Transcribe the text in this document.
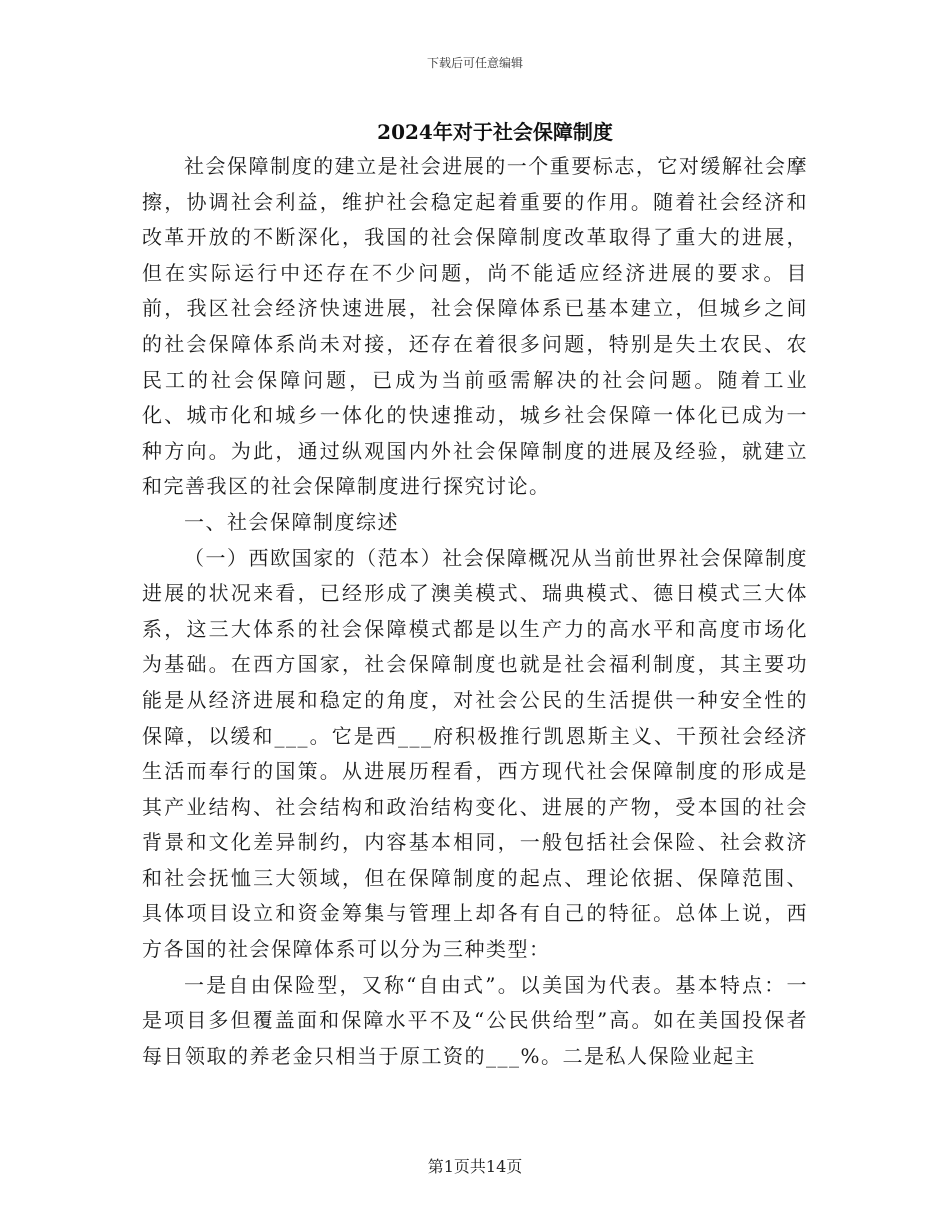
下载后可任意编辑
2024年对于社会保障制度

社会保障制度的建立是社会进展的一个重要标志，它对缓解社会摩擦，协调社会利益，维护社会稳定起着重要的作用。随着社会经济和改革开放的不断深化，我国的社会保障制度改革取得了重大的进展，但在实际运行中还存在不少问题，尚不能适应经济进展的要求。目前，我区社会经济快速进展，社会保障体系已基本建立，但城乡之间的社会保障体系尚未对接，还存在着很多问题，特别是失土农民、农民工的社会保障问题，已成为当前亟需解决的社会问题。随着工业化、城市化和城乡一体化的快速推动，城乡社会保障一体化已成为一种方向。为此，通过纵观国内外社会保障制度的进展及经验，就建立和完善我区的社会保障制度进行探究讨论。

一、社会保障制度综述

（一）西欧国家的（范本）社会保障概况从当前世界社会保障制度进展的状况来看，已经形成了澳美模式、瑞典模式、德日模式三大体系，这三大体系的社会保障模式都是以生产力的高水平和高度市场化为基础。在西方国家，社会保障制度也就是社会福利制度，其主要功能是从经济进展和稳定的角度，对社会公民的生活提供一种安全性的保障，以缓和___。它是西___府积极推行凯恩斯主义、干预社会经济生活而奉行的国策。从进展历程看，西方现代社会保障制度的形成是其产业结构、社会结构和政治结构变化、进展的产物，受本国的社会背景和文化差异制约，内容基本相同，一般包括社会保险、社会救济和社会抚恤三大领域，但在保障制度的起点、理论依据、保障范围、具体项目设立和资金筹集与管理上却各有自己的特征。总体上说，西方各国的社会保障体系可以分为三种类型：

一是自由保险型，又称“自由式”。以美国为代表。基本特点：一是项目多但覆盖面和保障水平不及“公民供给型”高。如在美国投保者每日领取的养老金只相当于原工资的___%。二是私人保险业起主

第1页共14页
